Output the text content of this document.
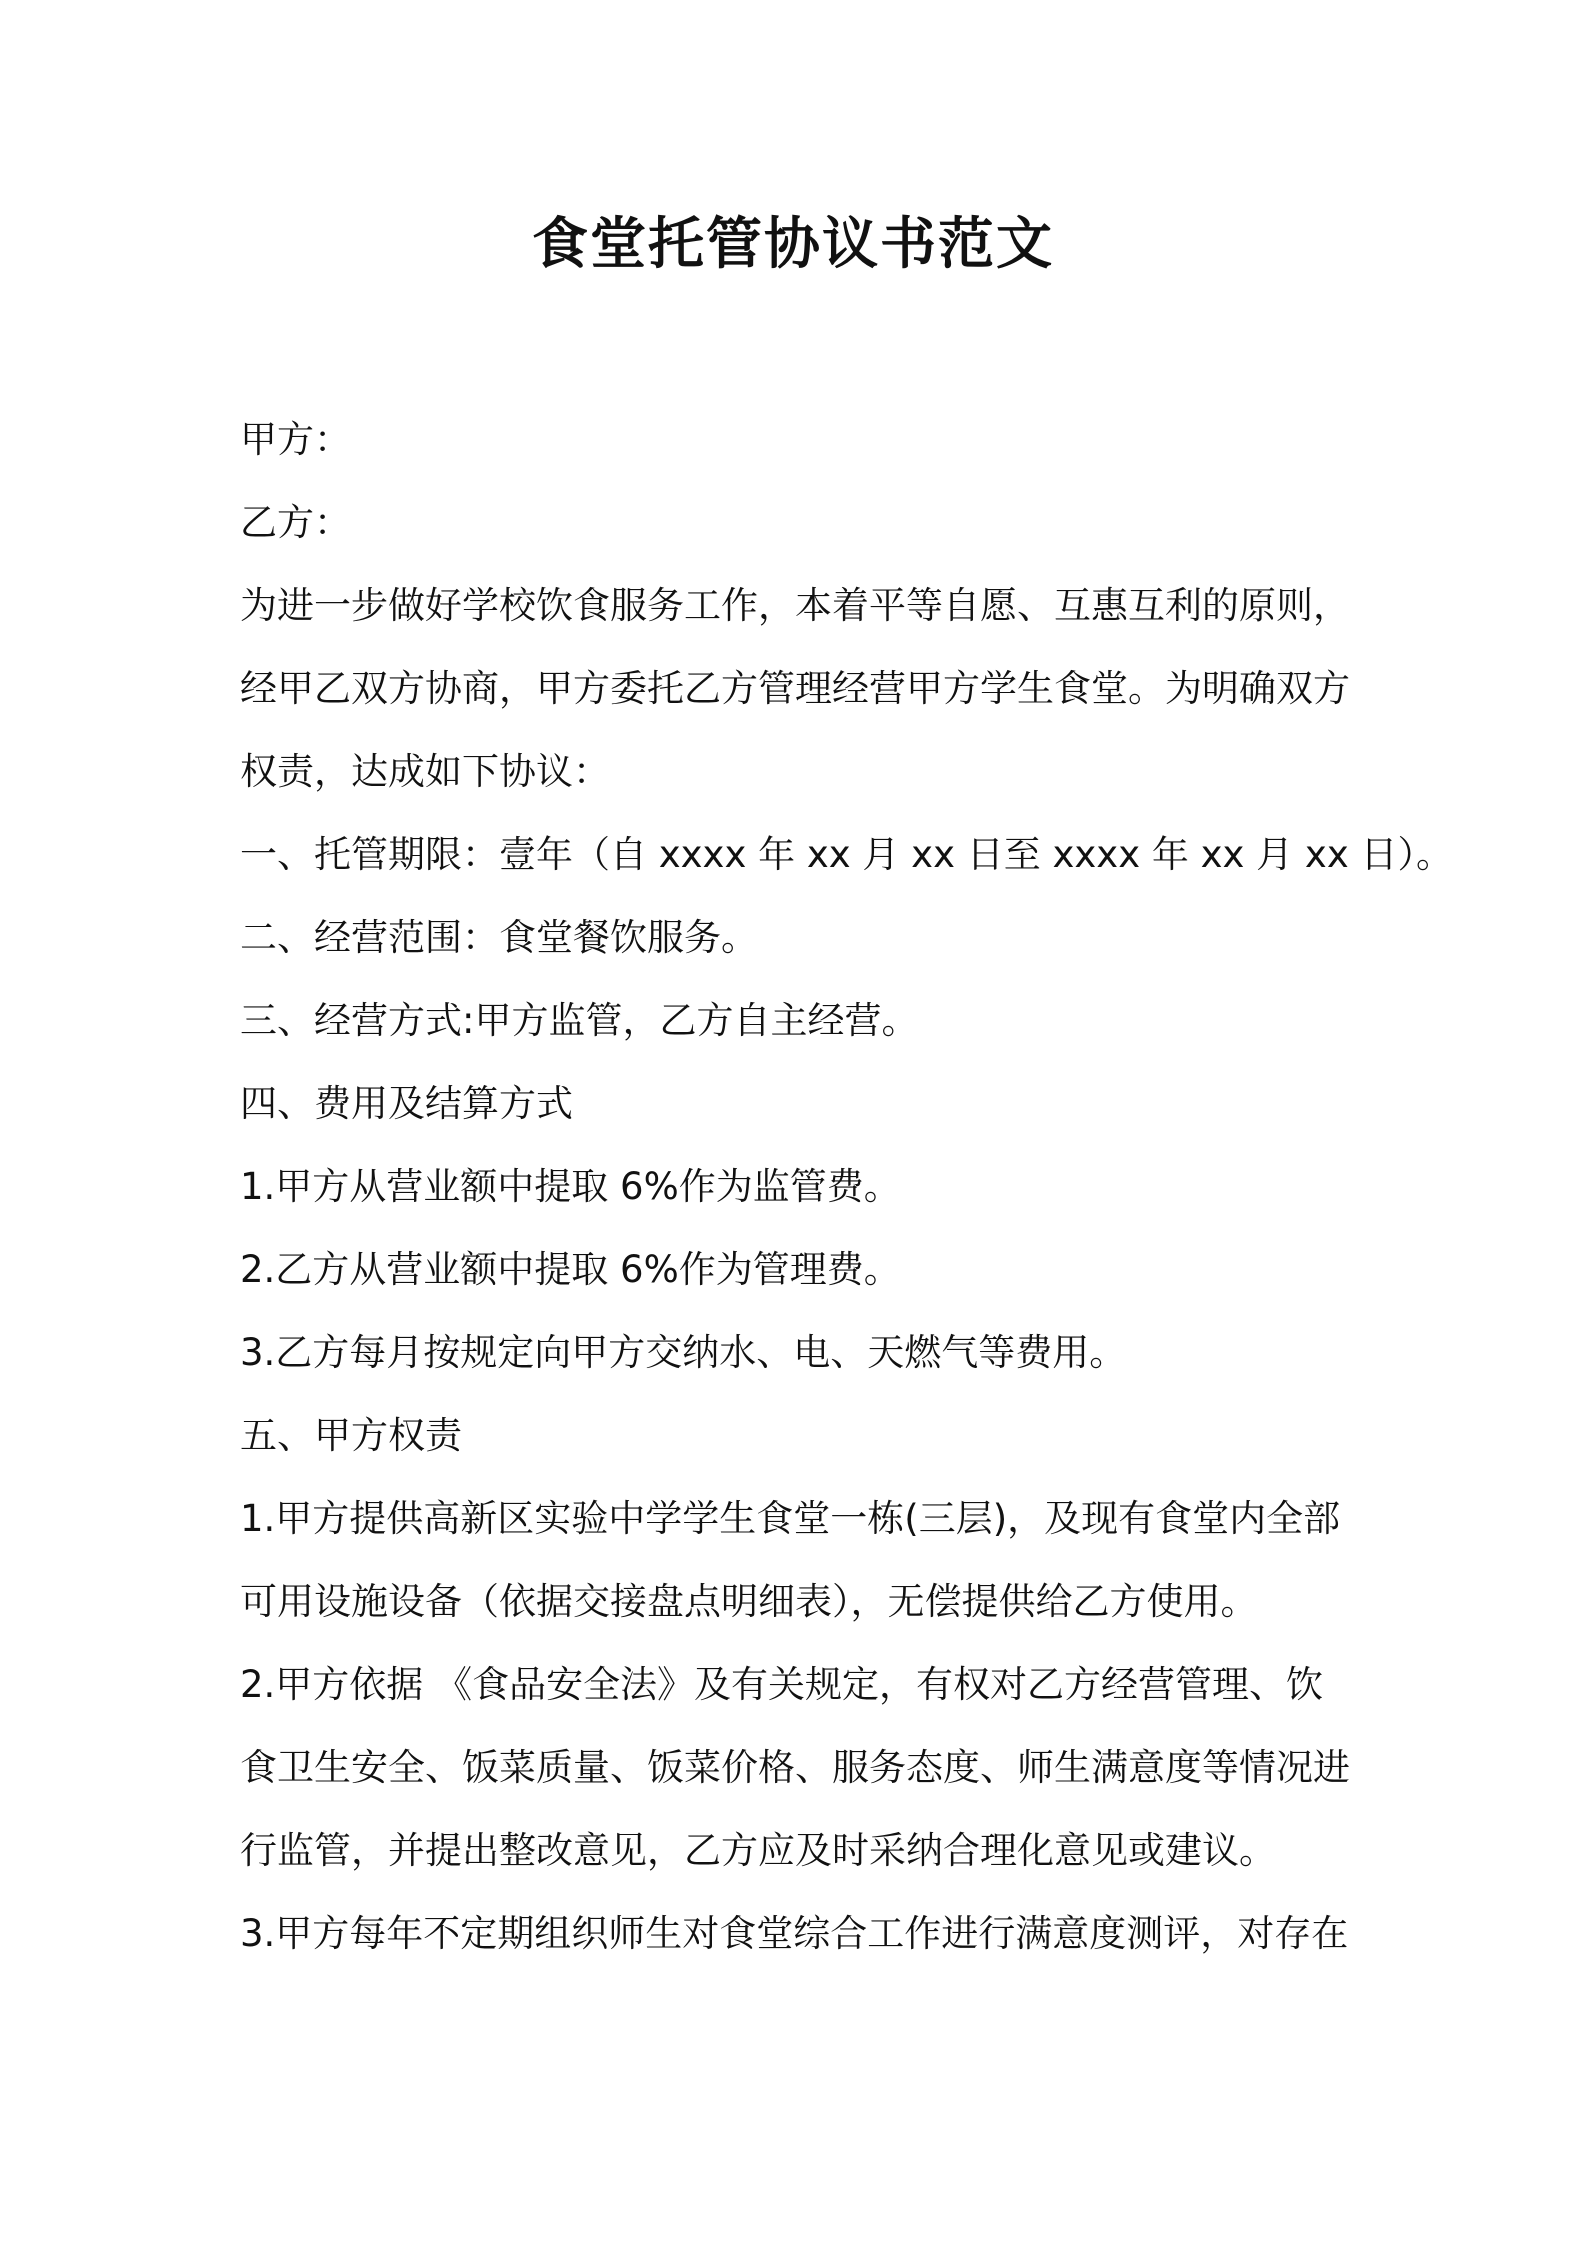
食堂托管协议书范文
甲方：
乙方：
为进一步做好学校饮食服务工作，本着平等自愿、互惠互利的原则，
经甲乙双方协商，甲方委托乙方管理经营甲方学生食堂。为明确双方
权责，达成如下协议：
一、托管期限：壹年（自 xxxx 年 xx 月 xx 日至 xxxx 年 xx 月 xx 日）。
二、经营范围：食堂餐饮服务。
三、经营方式:甲方监管，乙方自主经营。
四、费用及结算方式
1.甲方从营业额中提取 6%作为监管费。
2.乙方从营业额中提取 6%作为管理费。
3.乙方每月按规定向甲方交纳水、电、天燃气等费用。
五、甲方权责
1.甲方提供高新区实验中学学生食堂一栋(三层)，及现有食堂内全部
可用设施设备（依据交接盘点明细表），无偿提供给乙方使用。
2.甲方依据 《食品安全法》及有关规定，有权对乙方经营管理、饮
食卫生安全、饭菜质量、饭菜价格、服务态度、师生满意度等情况进
行监管，并提出整改意见，乙方应及时采纳合理化意见或建议。
3.甲方每年不定期组织师生对食堂综合工作进行满意度测评，对存在
